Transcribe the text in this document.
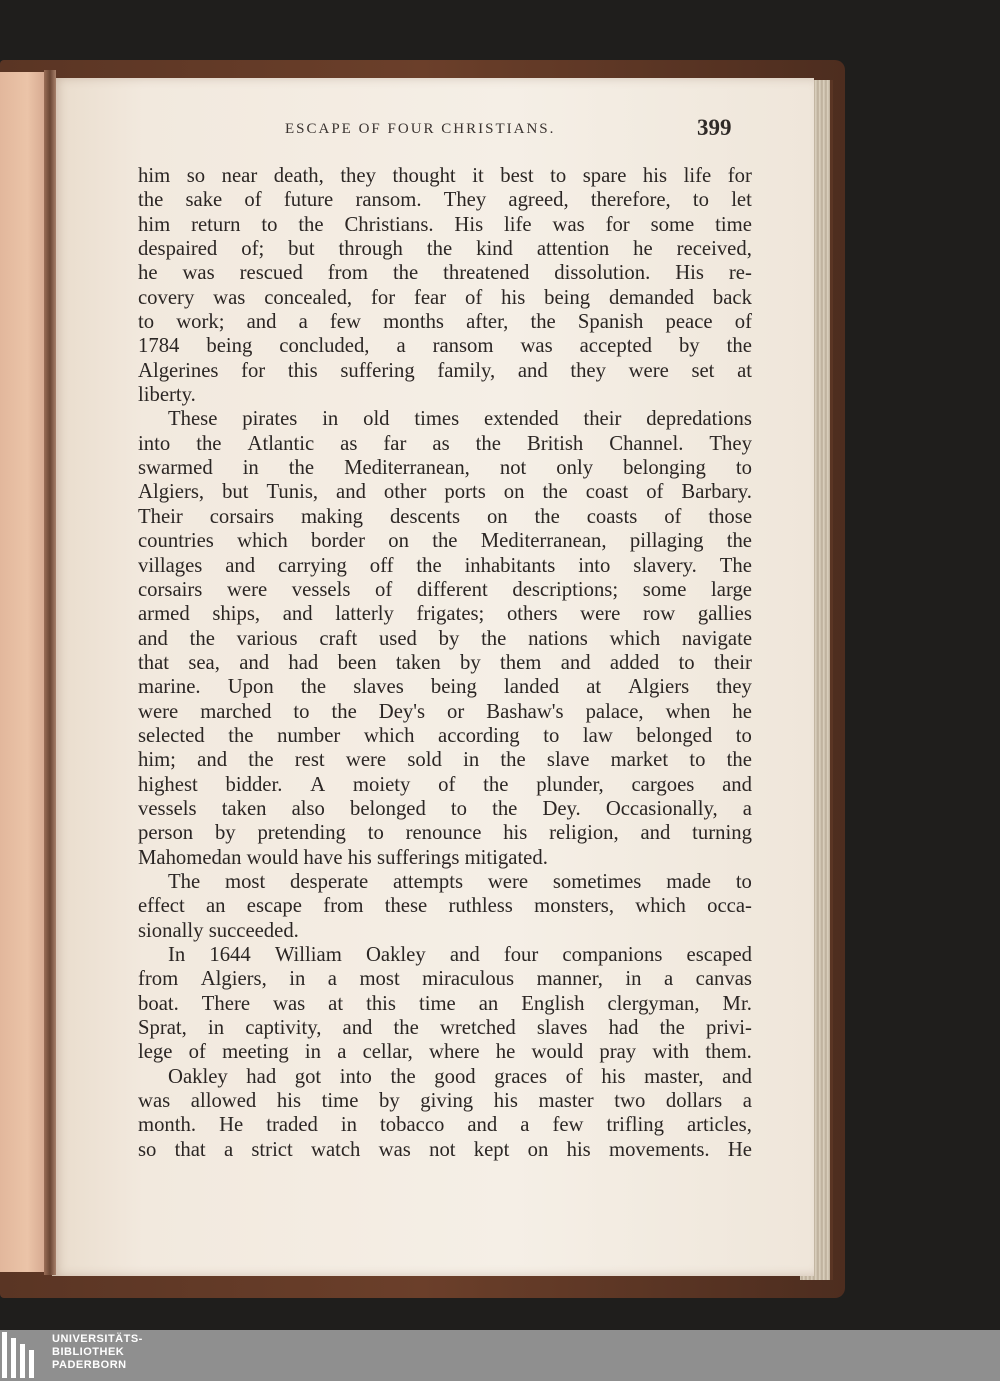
ESCAPE OF FOUR CHRISTIANS.	399
him so near death, they thought it best to spare his life for
the sake of future ransom. They agreed, therefore, to let
him return to the Christians. His life was for some time
despaired of; but through the kind attention he received,
he was rescued from the threatened dissolution. His re-
covery was concealed, for fear of his being demanded back
to work; and a few months after, the Spanish peace of
1784 being concluded, a ransom was accepted by the
Algerines for this suffering family, and they were set at
liberty.
These pirates in old times extended their depredations
into the Atlantic as far as the British Channel. They
swarmed in the Mediterranean, not only belonging to
Algiers, but Tunis, and other ports on the coast of Barbary.
Their corsairs making descents on the coasts of those
countries which border on the Mediterranean, pillaging the
villages and carrying off the inhabitants into slavery. The
corsairs were vessels of different descriptions; some large
armed ships, and latterly frigates; others were row gallies
and the various craft used by the nations which navigate
that sea, and had been taken by them and added to their
marine. Upon the slaves being landed at Algiers they
were marched to the Dey's or Bashaw's palace, when he
selected the number which according to law belonged to
him; and the rest were sold in the slave market to the
highest bidder. A moiety of the plunder, cargoes and
vessels taken also belonged to the Dey. Occasionally, a
person by pretending to renounce his religion, and turning
Mahomedan would have his sufferings mitigated.
The most desperate attempts were sometimes made to
effect an escape from these ruthless monsters, which occa-
sionally succeeded.
In 1644 William Oakley and four companions escaped
from Algiers, in a most miraculous manner, in a canvas
boat. There was at this time an English clergyman, Mr.
Sprat, in captivity, and the wretched slaves had the privi-
lege of meeting in a cellar, where he would pray with them.
Oakley had got into the good graces of his master, and
was allowed his time by giving his master two dollars a
month. He traded in tobacco and a few trifling articles,
so that a strict watch was not kept on his movements. He
UNIVERSITÄTS-
BIBLIOTHEK
PADERBORN
